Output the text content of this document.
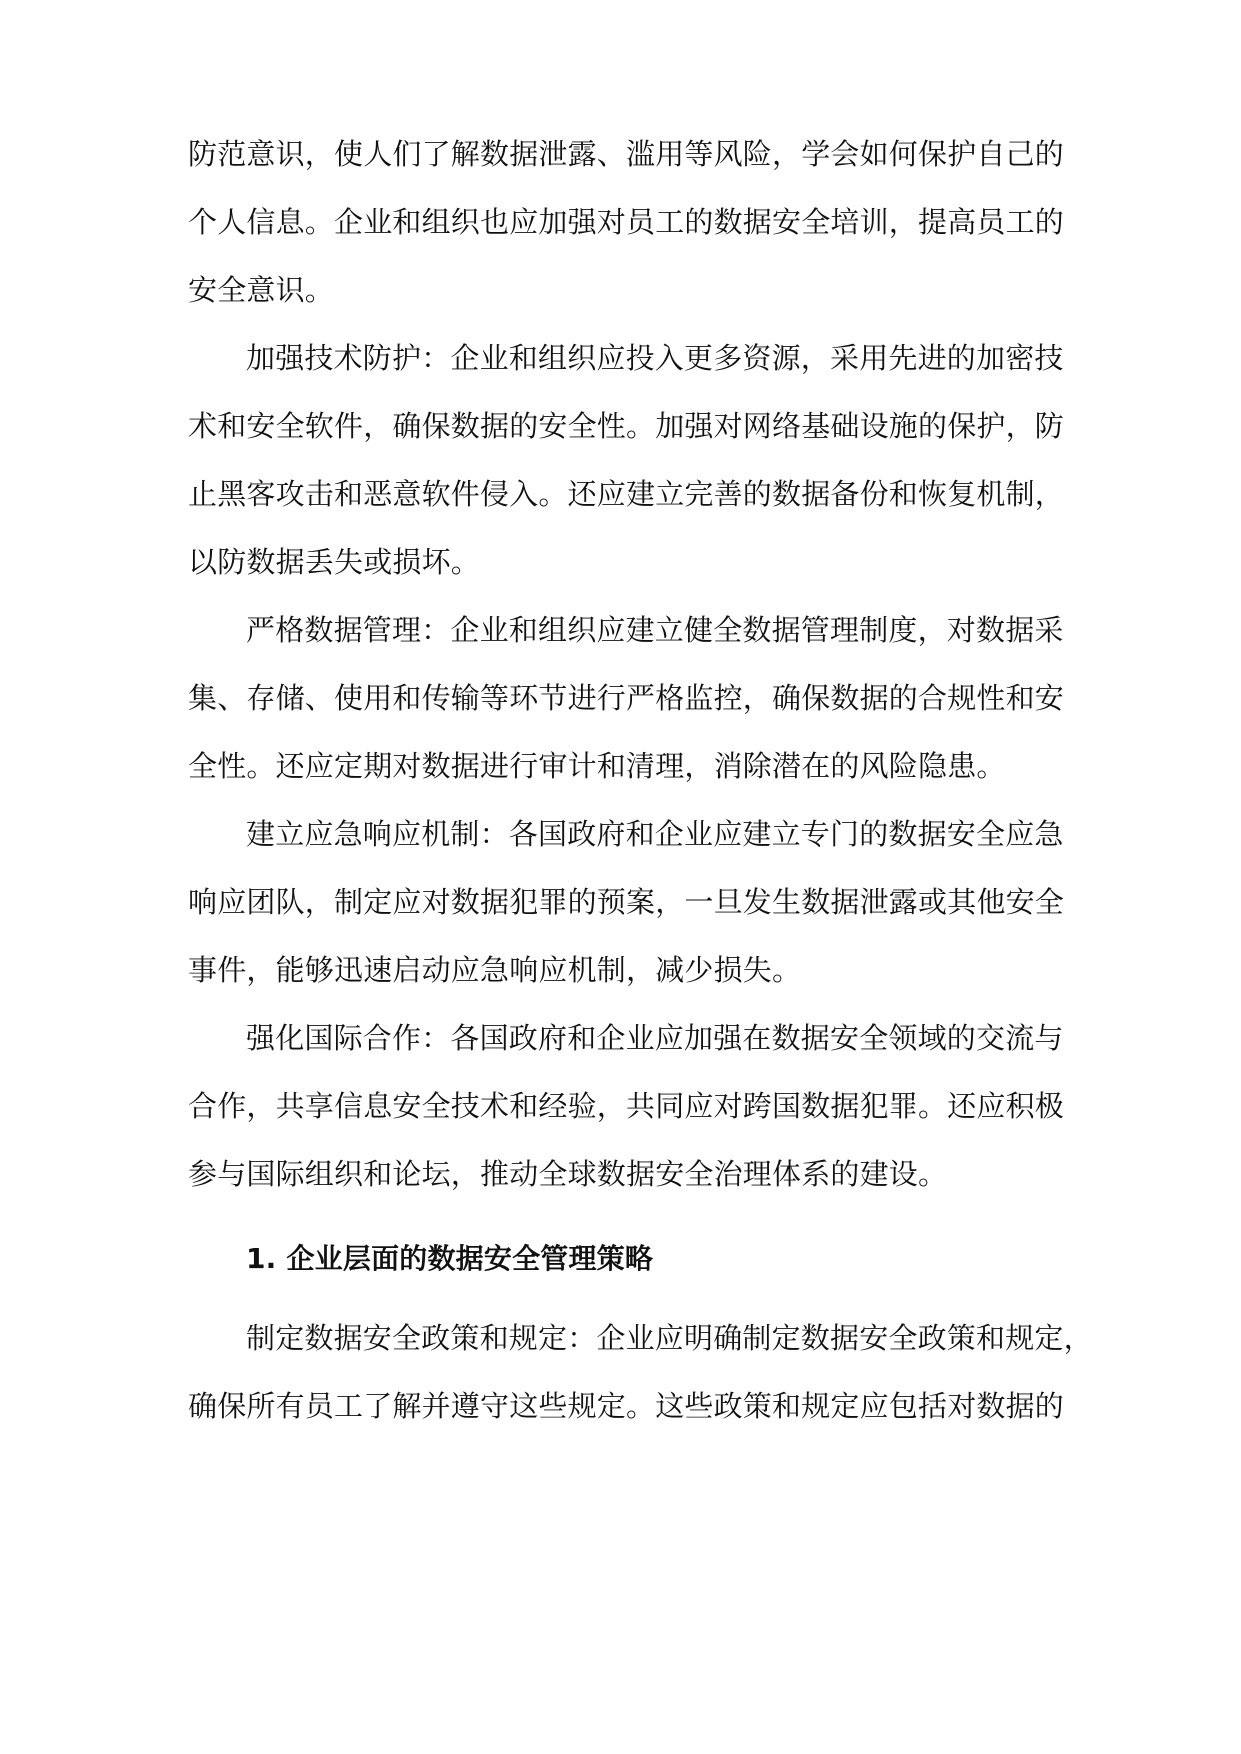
防范意识，使人们了解数据泄露、滥用等风险，学会如何保护自己的
个人信息。企业和组织也应加强对员工的数据安全培训，提高员工的
安全意识。
加强技术防护：企业和组织应投入更多资源，采用先进的加密技
术和安全软件，确保数据的安全性。加强对网络基础设施的保护，防
止黑客攻击和恶意软件侵入。还应建立完善的数据备份和恢复机制，
以防数据丢失或损坏。
严格数据管理：企业和组织应建立健全数据管理制度，对数据采
集、存储、使用和传输等环节进行严格监控，确保数据的合规性和安
全性。还应定期对数据进行审计和清理，消除潜在的风险隐患。
建立应急响应机制：各国政府和企业应建立专门的数据安全应急
响应团队，制定应对数据犯罪的预案，一旦发生数据泄露或其他安全
事件，能够迅速启动应急响应机制，减少损失。
强化国际合作：各国政府和企业应加强在数据安全领域的交流与
合作，共享信息安全技术和经验，共同应对跨国数据犯罪。还应积极
参与国际组织和论坛，推动全球数据安全治理体系的建设。
1. 企业层面的数据安全管理策略
制定数据安全政策和规定：企业应明确制定数据安全政策和规定，
确保所有员工了解并遵守这些规定。这些政策和规定应包括对数据的
